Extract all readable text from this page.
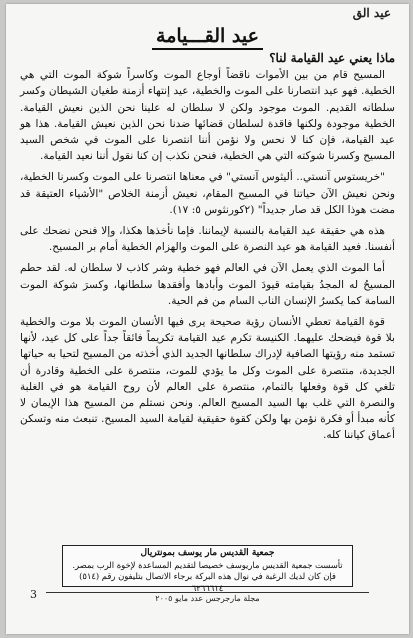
عيد الق
عيد القـــيامة
ماذا يعني عيد القيامة لنا؟

المسيح قام من بين الأموات ناقضاً أوجاع الموت وكاسراً شوكة الموت التي هي الخطية. فهو عيد انتصارنا على الموت والخطية، عيد إنتهاء أزمنة طغيان الشيطان وكسر سلطانه القديم. الموت موجود ولكن لا سلطان له علينا نحن الذين نعيش القيامة. الخطية موجودة ولكنها فاقدة لسلطان قضائها ضدنا نحن الذين نعيش القيامة. هذا هو عيد القيامة، فإن كنا لا نحس ولا نؤمن أننا انتصرنا على الموت في شخص السيد المسيح وكسرنا شوكته التي هي الخطية، فنحن نكذب إن كنا نقول أننا نعيد القيامة.

"خريستوس آنستي.. أليثوس آنستي" في معناها انتصرنا على الموت وكسرنا الخطية، ونحن نعيش الآن حياتنا في المسيح المقام، نعيش أزمنة الخلاص "الأشياء العتيقة قد مضت هوذا الكل قد صار جديداً" (٢كورنثوس ٥: ١٧).

هذه هي حقيقة عيد القيامة بالنسبة لإيماننا. فإما نأخذها هكذا، وإلا فنحن نضحك على أنفسنا. فعيد القيامة هو عيد النصرة على الموت والهزام الخطية أمام بر المسيح.

أما الموت الذي يعمل الآن في العالم فهو خطية وشر كاذب لا سلطان له. لقد حطم المسيحُ له المجدُ بقيامته قيودَ الموت وأبادها وأفقدها سلطانها، وكسرَ شوكة الموت السامة كما يكسرُ الإنسان الناب السام من فم الحية.

قوة القيامة تعطي الأنسان رؤية صحيحة يرى فيها الأنسان الموت بلا موت والخطية بلا قوة فيضحك عليهما. الكنيسة تكرم عيد القيامة تكريماً فائقاً جداً على كل عيد، لأنها تستمد منه رؤيتها الصافية لإدراك سلطانها الجديد الذي أخذته من المسيح لتحيا به حياتها الجديدة، منتصرة على الموت وكل ما يؤدي للموت، منتصرة على الخطية وقادرة أن تلغي كل قوة وفعلها بالتمام، منتصرة على العالم لأن روح القيامة هو في الغلبة والنصرة التي غلب بها السيد المسيح العالم. ونحن نستلم من المسيح هذا الإيمان لا كأنه مبدأ أو فكرة نؤمن بها ولكن كقوة حقيقية لقيامة السيد المسيح. تنبعث منه وتسكن أعماق كياننا كله.

جمعية القديس مار يوسف بمونتريال
تأسست جمعية القديس ماريوسف خصيصا لتقديم المساعدة لإخوة الرب بمصر.
فإن كان لديك الرغبة في نوال هذه البركة برجاء الاتصال بتليفون رقم (٥١٤) ٦٢٦٦٦١٤
مجلة مارجرجس عدد مايو ٢٠٠٥
3
